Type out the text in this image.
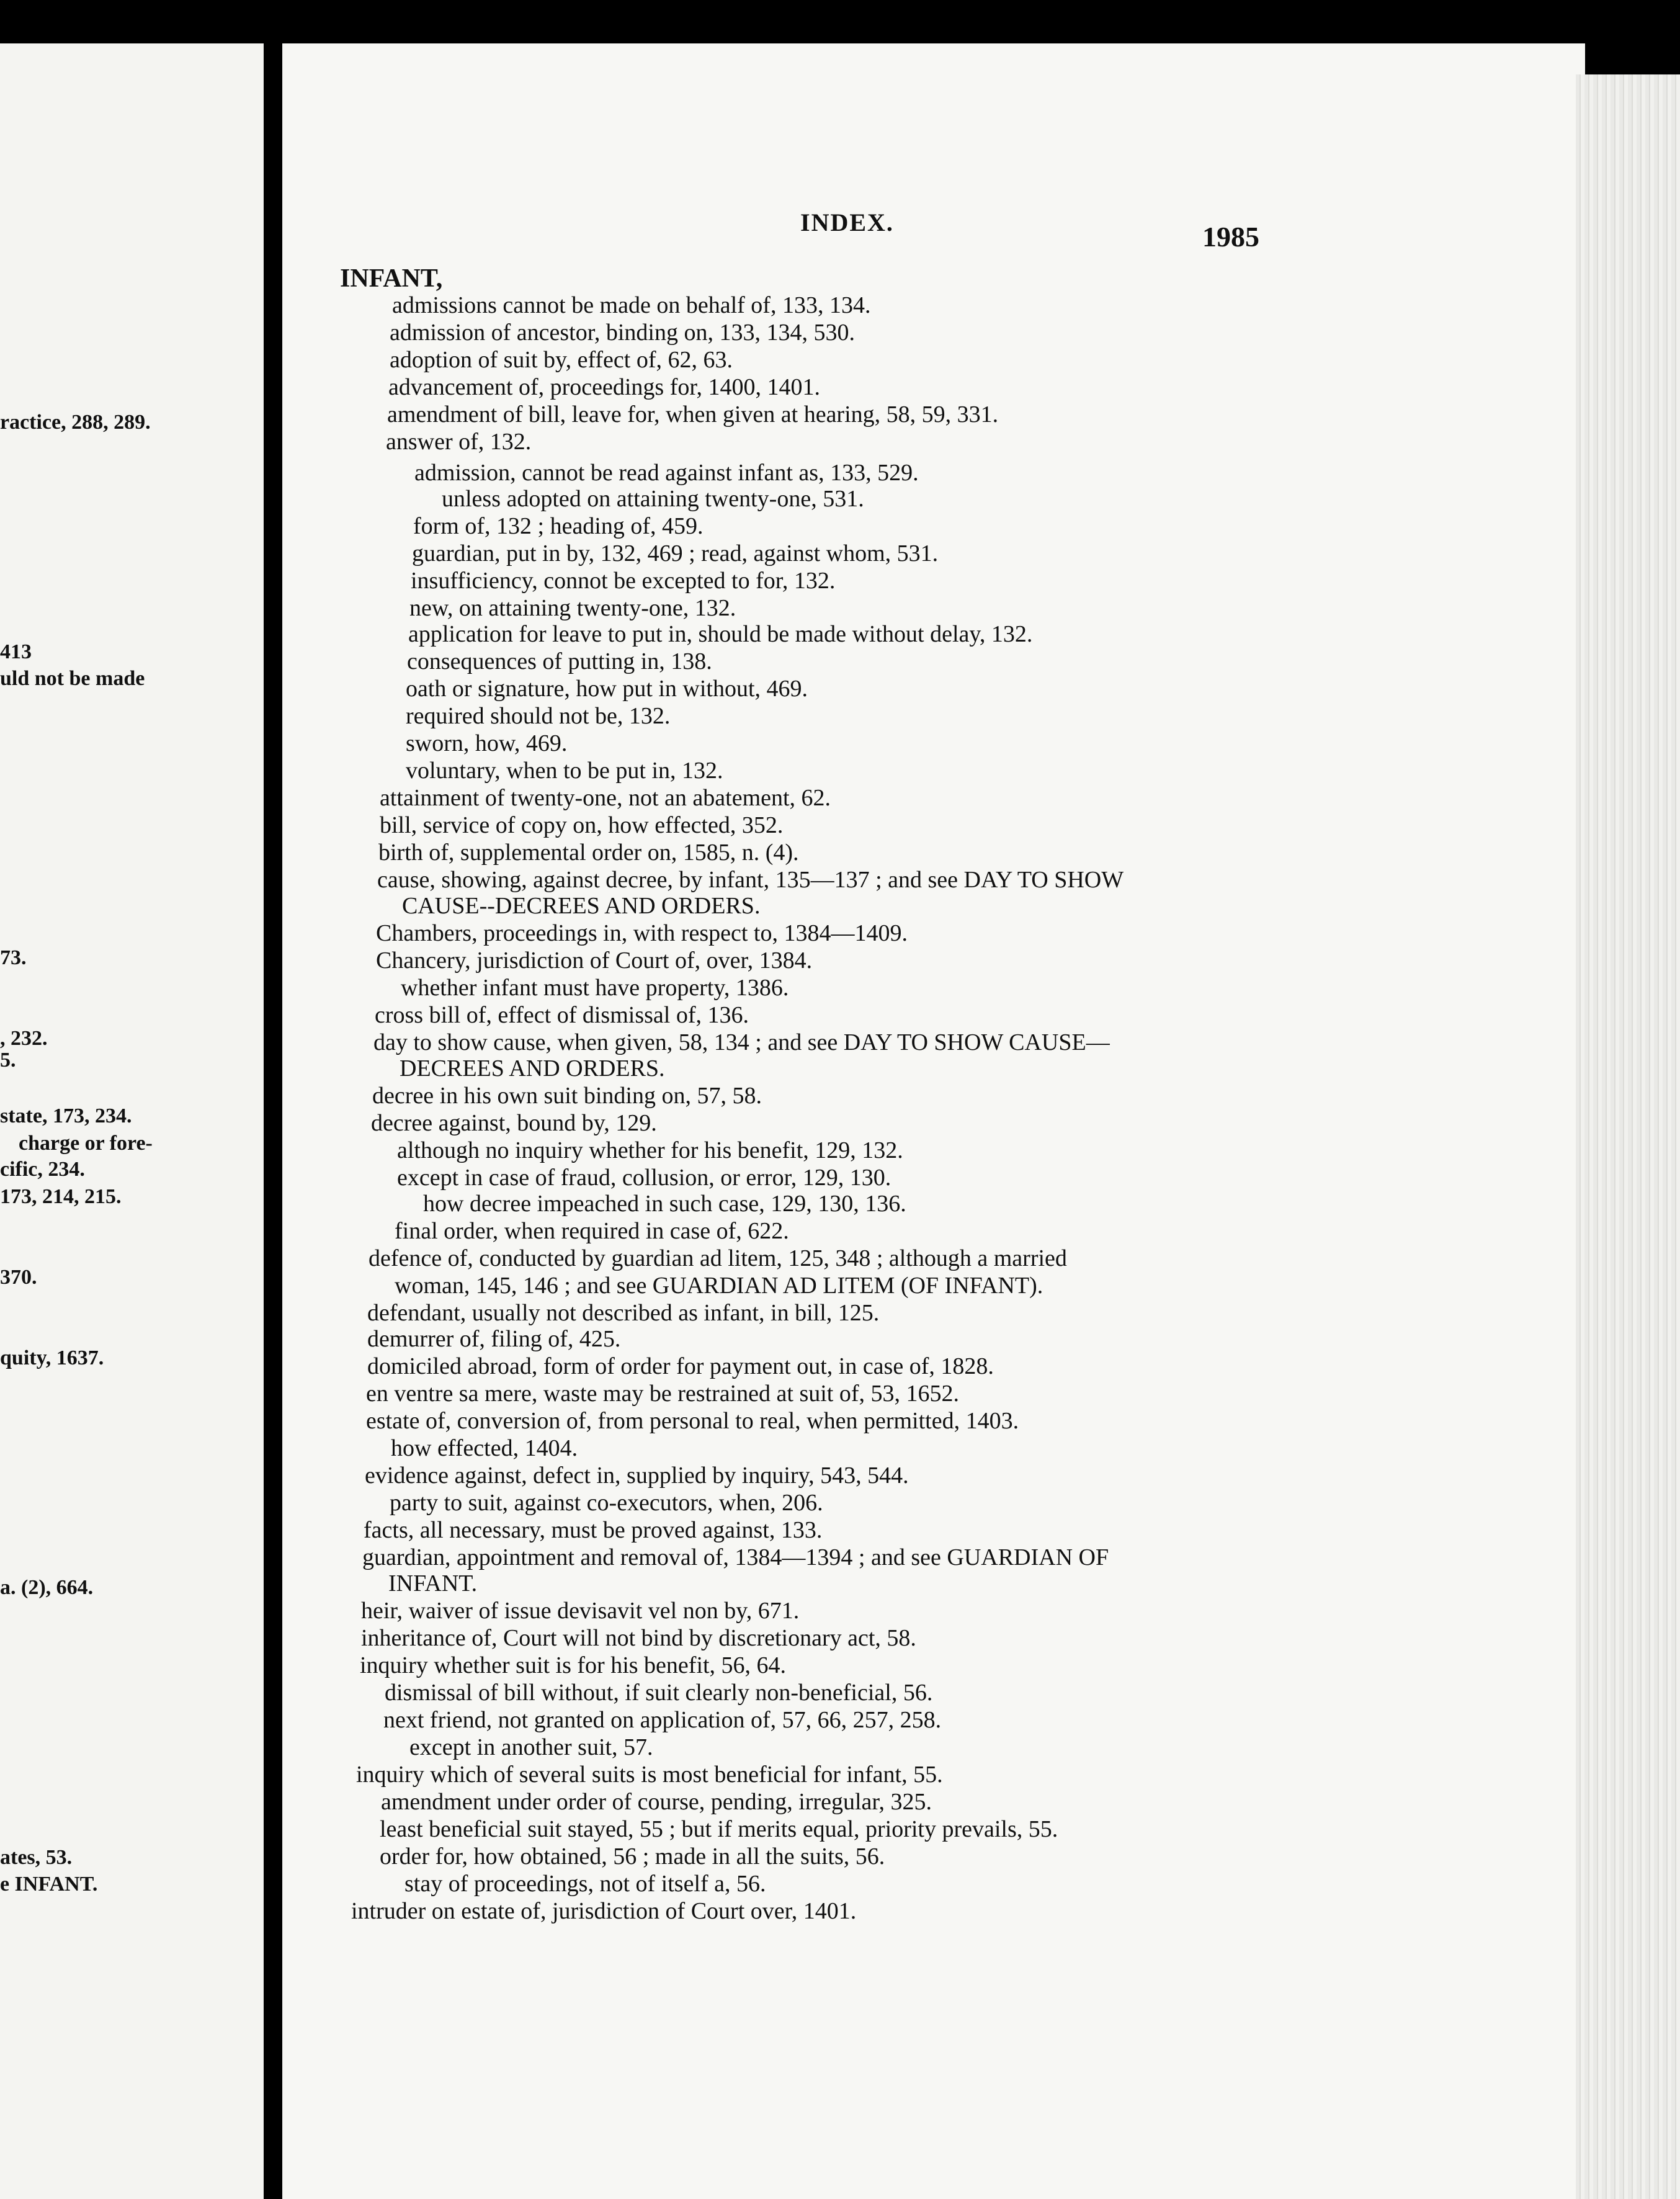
ractice, 288, 289.
413
uld not be made
73.
, 232.
5.
state, 173, 234.
charge or fore-
cific, 234.
173, 214, 215.
370.
quity, 1637.
a. (2), 664.
ates, 53.
e INFANT.
INDEX.	1985
INFANT,
admissions cannot be made on behalf of, 133, 134.
admission of ancestor, binding on, 133, 134, 530.
adoption of suit by, effect of, 62, 63.
advancement of, proceedings for, 1400, 1401.
amendment of bill, leave for, when given at hearing, 58, 59, 331.
answer of, 132.
admission, cannot be read against infant as, 133, 529.
unless adopted on attaining twenty-one, 531.
form of, 132 ; heading of, 459.
guardian, put in by, 132, 469 ; read, against whom, 531.
insufficiency, connot be excepted to for, 132.
new, on attaining twenty-one, 132.
application for leave to put in, should be made without delay, 132.
consequences of putting in, 138.
oath or signature, how put in without, 469.
required should not be, 132.
sworn, how, 469.
voluntary, when to be put in, 132.
attainment of twenty-one, not an abatement, 62.
bill, service of copy on, how effected, 352.
birth of, supplemental order on, 1585, n. (4).
cause, showing, against decree, by infant, 135—137 ; and see DAY TO SHOW
CAUSE--DECREES AND ORDERS.
Chambers, proceedings in, with respect to, 1384—1409.
Chancery, jurisdiction of Court of, over, 1384.
whether infant must have property, 1386.
cross bill of, effect of dismissal of, 136.
day to show cause, when given, 58, 134 ; and see DAY TO SHOW CAUSE—
DECREES AND ORDERS.
decree in his own suit binding on, 57, 58.
decree against, bound by, 129.
although no inquiry whether for his benefit, 129, 132.
except in case of fraud, collusion, or error, 129, 130.
how decree impeached in such case, 129, 130, 136.
final order, when required in case of, 622.
defence of, conducted by guardian ad litem, 125, 348 ; although a married
woman, 145, 146 ; and see GUARDIAN AD LITEM (OF INFANT).
defendant, usually not described as infant, in bill, 125.
demurrer of, filing of, 425.
domiciled abroad, form of order for payment out, in case of, 1828.
en ventre sa mere, waste may be restrained at suit of, 53, 1652.
estate of, conversion of, from personal to real, when permitted, 1403.
how effected, 1404.
evidence against, defect in, supplied by inquiry, 543, 544.
party to suit, against co-executors, when, 206.
facts, all necessary, must be proved against, 133.
guardian, appointment and removal of, 1384—1394 ; and see GUARDIAN OF
INFANT.
heir, waiver of issue devisavit vel non by, 671.
inheritance of, Court will not bind by discretionary act, 58.
inquiry whether suit is for his benefit, 56, 64.
dismissal of bill without, if suit clearly non-beneficial, 56.
next friend, not granted on application of, 57, 66, 257, 258.
except in another suit, 57.
inquiry which of several suits is most beneficial for infant, 55.
amendment under order of course, pending, irregular, 325.
least beneficial suit stayed, 55 ; but if merits equal, priority prevails, 55.
order for, how obtained, 56 ; made in all the suits, 56.
stay of proceedings, not of itself a, 56.
intruder on estate of, jurisdiction of Court over, 1401.
